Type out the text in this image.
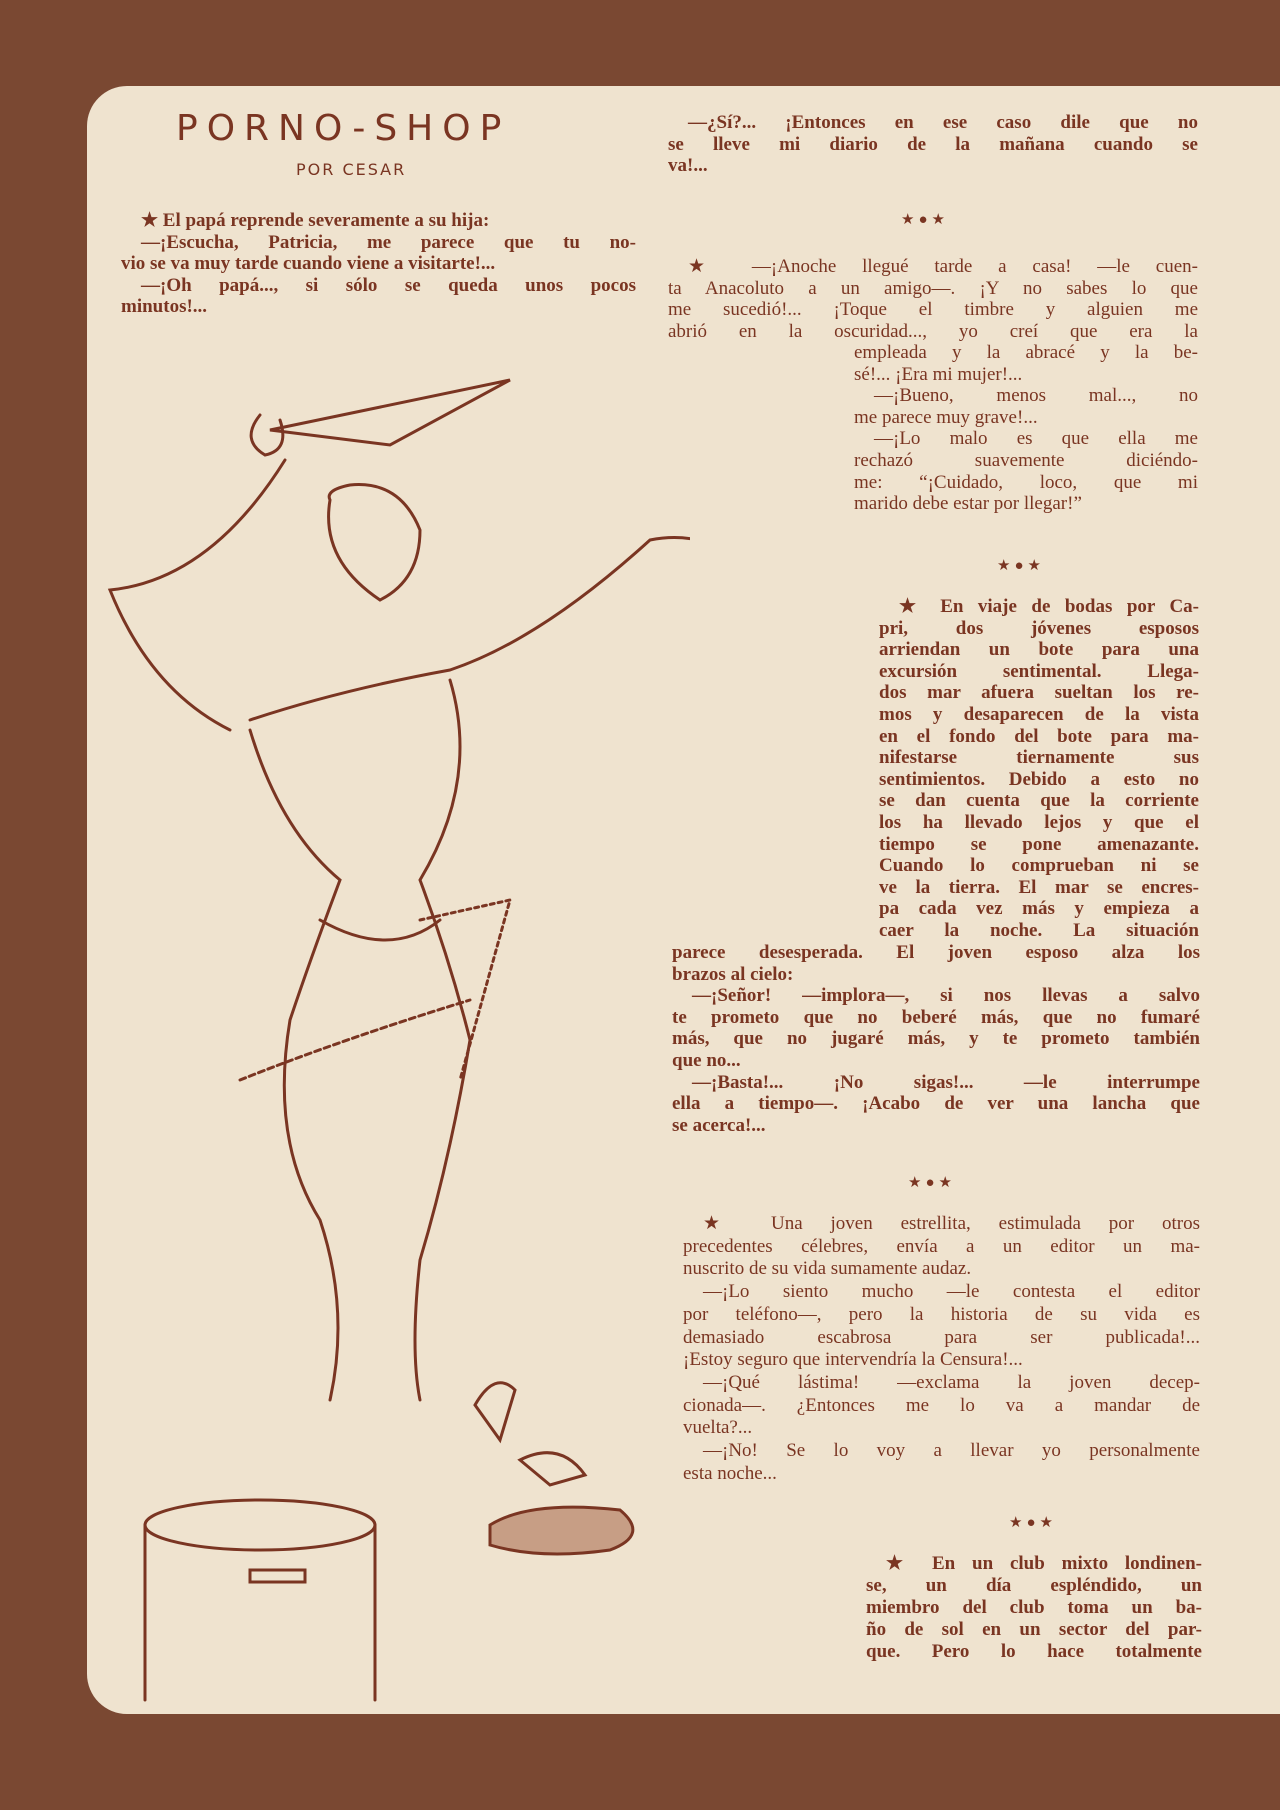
PORNO-SHOP
POR CESAR
★ El papá reprende severamente a su hija:
—¡Escucha, Patricia, me parece que tu no-
vio se va muy tarde cuando viene a visitarte!...
—¡Oh papá..., si sólo se queda unos pocos
minutos!...
—¿Sí?... ¡Entonces en ese caso dile que no
se lleve mi diario de la mañana cuando se
va!...
★●★
★ —¡Anoche llegué tarde a casa! —le cuen-
ta Anacoluto a un amigo—. ¡Y no sabes lo que
me sucedió!... ¡Toque el timbre y alguien me
abrió en la oscuridad..., yo creí que era la
empleada y la abracé y la be-
sé!... ¡Era mi mujer!...
—¡Bueno, menos mal..., no
me parece muy grave!...
—¡Lo malo es que ella me
rechazó suavemente diciéndo-
me: “¡Cuidado, loco, que mi
marido debe estar por llegar!”
★●★
★ En viaje de bodas por Ca-
pri, dos jóvenes esposos
arriendan un bote para una
excursión sentimental. Llega-
dos mar afuera sueltan los re-
mos y desaparecen de la vista
en el fondo del bote para ma-
nifestarse tiernamente sus
sentimientos. Debido a esto no
se dan cuenta que la corriente
los ha llevado lejos y que el
tiempo se pone amenazante.
Cuando lo comprueban ni se
ve la tierra. El mar se encres-
pa cada vez más y empieza a
caer la noche. La situación
parece desesperada. El joven esposo alza los
brazos al cielo:
—¡Señor! —implora—, si nos llevas a salvo
te prometo que no beberé más, que no fumaré
más, que no jugaré más, y te prometo también
que no...
—¡Basta!... ¡No sigas!... —le interrumpe
ella a tiempo—. ¡Acabo de ver una lancha que
se acerca!...
★●★
★ Una joven estrellita, estimulada por otros
precedentes célebres, envía a un editor un ma-
nuscrito de su vida sumamente audaz.
—¡Lo siento mucho —le contesta el editor
por teléfono—, pero la historia de su vida es
demasiado escabrosa para ser publicada!...
¡Estoy seguro que intervendría la Censura!...
—¡Qué lástima! —exclama la joven decep-
cionada—. ¿Entonces me lo va a mandar de
vuelta?...
—¡No! Se lo voy a llevar yo personalmente
esta noche...
★●★
★ En un club mixto londinen-
se, un día espléndido, un
miembro del club toma un ba-
ño de sol en un sector del par-
que. Pero lo hace totalmente
